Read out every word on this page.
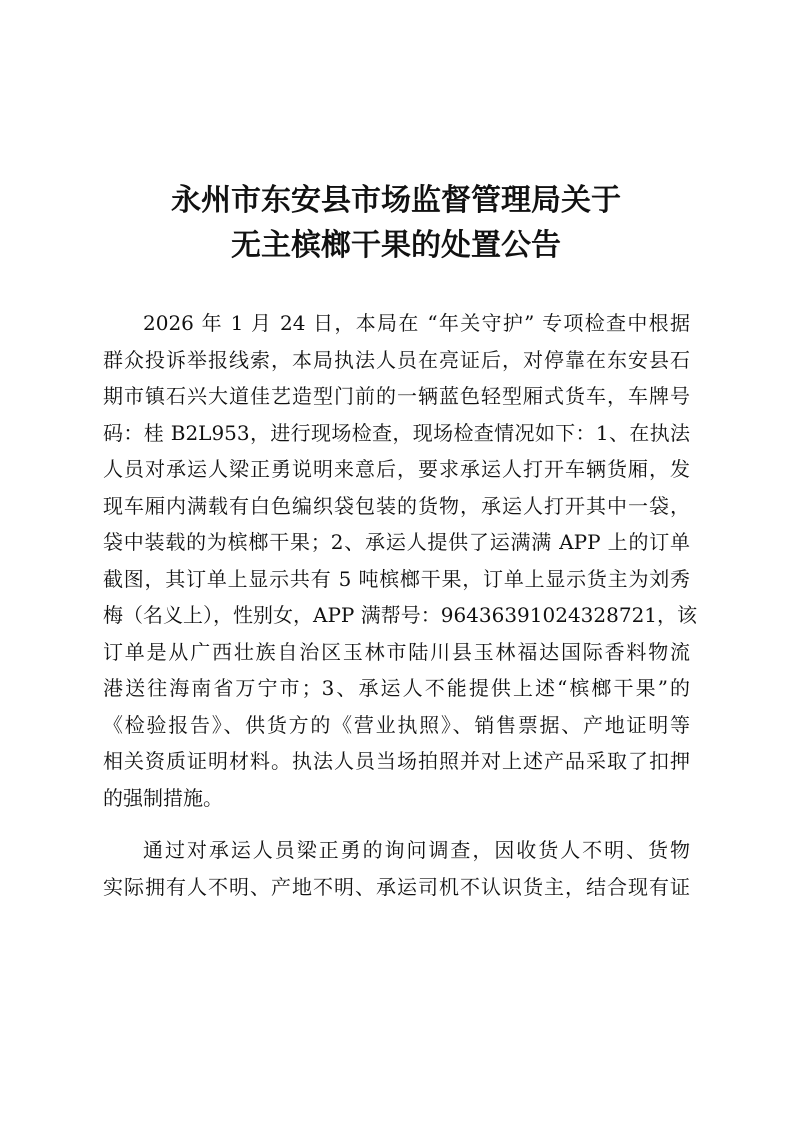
永州市东安县市场监督管理局关于
无主槟榔干果的处置公告
2026 年 1 月 24 日，本局在 “年关守护” 专项检查中根据
群众投诉举报线索，本局执法人员在亮证后，对停靠在东安县石
期市镇石兴大道佳艺造型门前的一辆蓝色轻型厢式货车，车牌号
码：桂 B2L953，进行现场检查，现场检查情况如下：1、在执法
人员对承运人梁正勇说明来意后，要求承运人打开车辆货厢，发
现车厢内满载有白色编织袋包装的货物，承运人打开其中一袋，
袋中装载的为槟榔干果；2、承运人提供了运满满 APP 上的订单
截图，其订单上显示共有 5 吨槟榔干果，订单上显示货主为刘秀
梅（名义上），性别女，APP 满帮号：96436391024328721，该
订单是从广西壮族自治区玉林市陆川县玉林福达国际香料物流
港送往海南省万宁市；3、承运人不能提供上述“槟榔干果”的
《检验报告》、供货方的《营业执照》、销售票据、产地证明等
相关资质证明材料。执法人员当场拍照并对上述产品采取了扣押
的强制措施。
通过对承运人员梁正勇的询问调查，因收货人不明、货物
实际拥有人不明、产地不明、承运司机不认识货主，结合现有证
